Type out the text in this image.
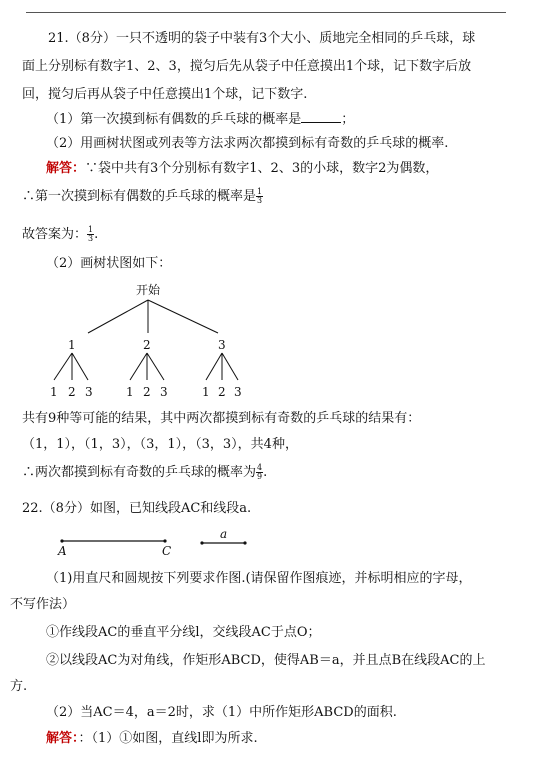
21.（8分）一只不透明的袋子中装有3个大小、质地完全相同的乒乓球，球
面上分别标有数字1、2、3，搅匀后先从袋子中任意摸出1个球，记下数字后放
回，搅匀后再从袋子中任意摸出1个球，记下数字.
（1）第一次摸到标有偶数的乒乓球的概率是	；
（2）用画树状图或列表等方法求两次都摸到标有奇数的乒乓球的概率.
解答：∵袋中共有3个分别标有数字1、2、3的小球，数字2为偶数，
∴第一次摸到标有偶数的乒乓球的概率是 $\frac{1}{3}$
故答案为： $\frac{1}{3}$ .
（2）画树状图如下：
开始
1	2	3
1 2 3	1 2 3	1 2 3
共有9种等可能的结果，其中两次都摸到标有奇数的乒乓球的结果有：
（1，1），（1，3），（3，1），（3，3），共4种，
∴两次都摸到标有奇数的乒乓球的概率为 $\frac{4}{9}$ .
22.（8分）如图，已知线段AC和线段a.
A	C
a
（1)用直尺和圆规按下列要求作图.(请保留作图痕迹，并标明相应的字母，
不写作法）
①作线段AC的垂直平分线l，交线段AC于点O；
②以线段AC为对角线，作矩形ABCD，使得AB＝a，并且点B在线段AC的上
方.
（2）当AC＝4，a＝2时，求（1）中所作矩形ABCD的面积.
解答：：（1）①如图，直线l即为所求.
